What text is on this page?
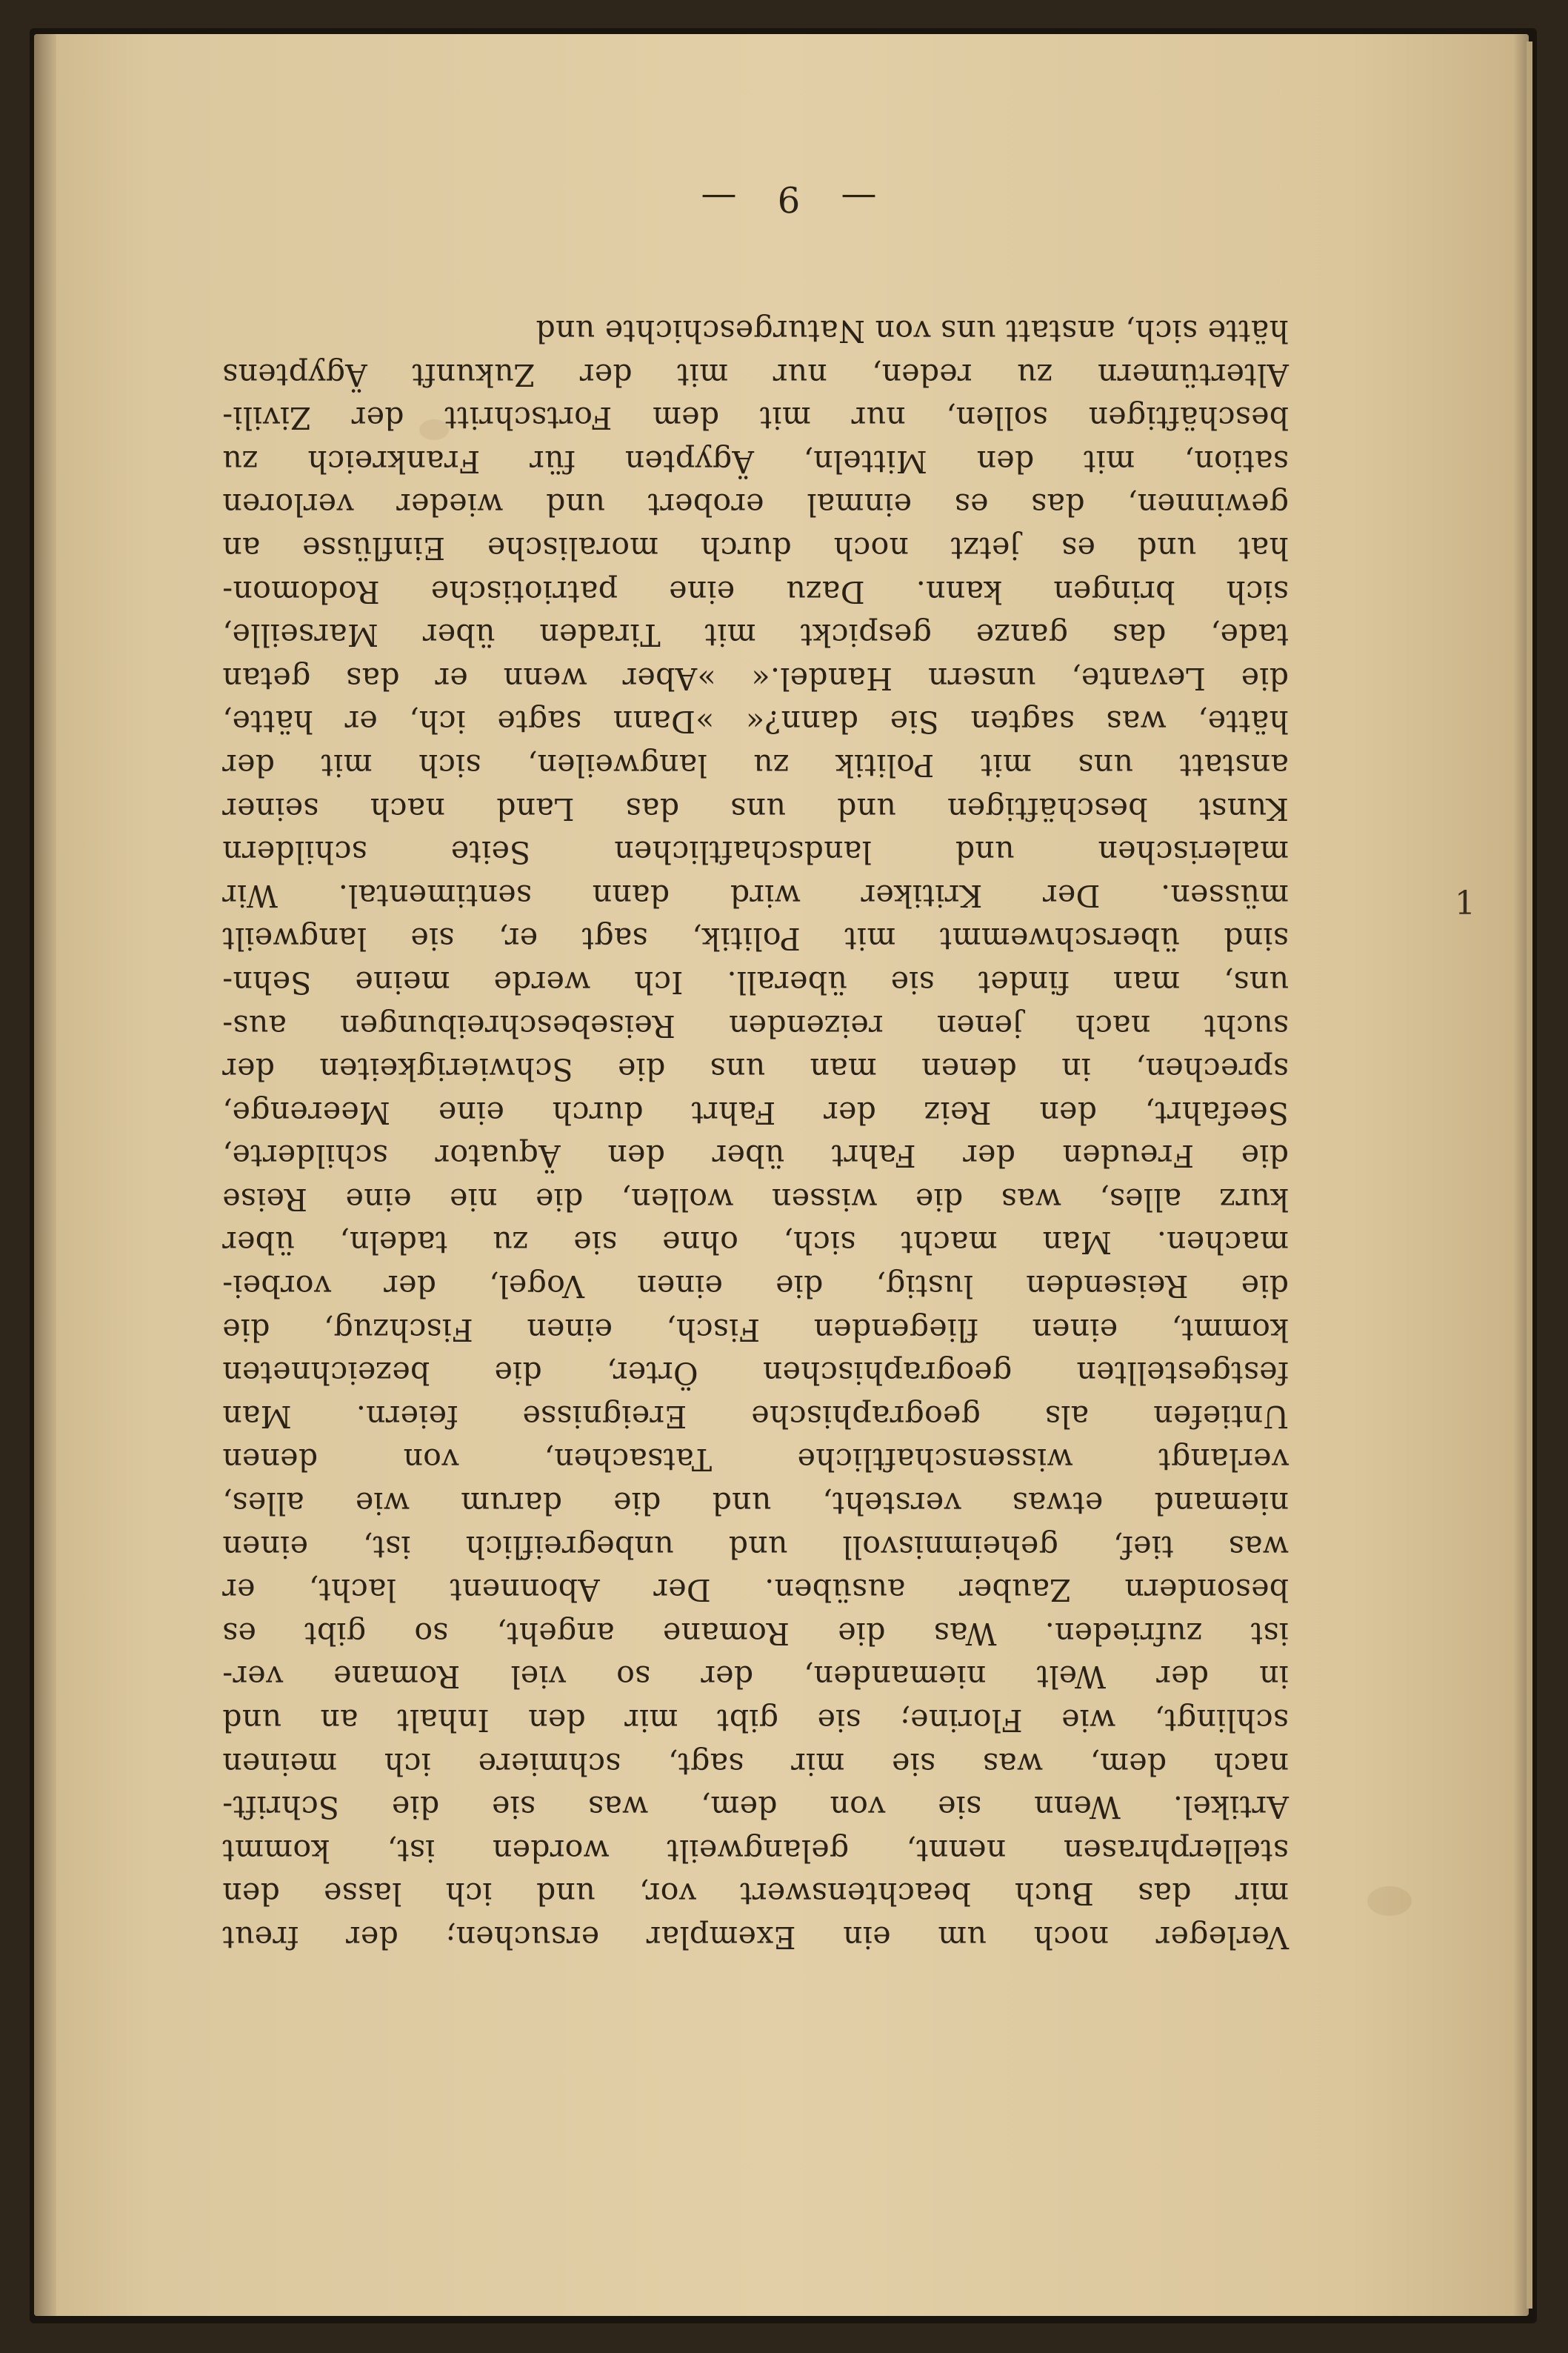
1
Verleger noch um ein Exemplar ersuchen; der freut
mir das Buch beachtenswert vor, und ich lasse den
stellerphrasen nennt, gelangweilt worden ist, kommt
Artikel. Wenn sie von dem, was sie die Schrift-
nach dem, was sie mir sagt, schmiere ich meinen
schlingt, wie Florine; sie gibt mir den Inhalt an und
in der Welt niemanden, der so viel Romane ver-
ist zufrieden. Was die Romane angeht, so gibt es
besondern Zauber ausüben. Der Abonnent lacht, er
was tief, geheimnisvoll und unbegreiflich ist, einen
niemand etwas versteht, und die darum wie alles,
verlangt wissenschaftliche Tatsachen, von denen
Untiefen als geographische Ereignisse feiern. Man
festgestellten geographischen Örter, die bezeichneten
kommt, einen fliegenden Fisch, einen Fischzug, die
die Reisenden lustig, die einen Vogel, der vorbei-
machen. Man macht sich, ohne sie zu tadeln, über
kurz alles, was die wissen wollen, die nie eine Reise
die Freuden der Fahrt über den Äquator schilderte,
Seefahrt, den Reiz der Fahrt durch eine Meerenge,
sprechen, in denen man uns die Schwierigkeiten der
sucht nach jenen reizenden Reisebeschreibungen aus-
uns, man findet sie überall. Ich werde meine Sehn-
sind überschwemmt mit Politik, sagt er, sie langweilt
müssen. Der Kritiker wird dann sentimental. Wir
malerischen und landschaftlichen Seite schildern
Kunst beschäftigen und uns das Land nach seiner
anstatt uns mit Politik zu langweilen, sich mit der
hätte, was sagten Sie dann?« »Dann sagte ich, er hätte,
die Levante, unsern Handel.« »Aber wenn er das getan
tade, das ganze gespickt mit Tiraden über Marseille,
sich bringen kann. Dazu eine patriotische Rodomon-
hat und es jetzt noch durch moralische Einflüsse an
gewinnen, das es einmal erobert und wieder verloren
sation, mit den Mitteln, Ägypten für Frankreich zu
beschäftigen sollen, nur mit dem Fortschritt der Zivili-
Altertümern zu reden, nur mit der Zukunft Ägyptens
hätte sich, anstatt uns von Naturgeschichte und
— 9 —
